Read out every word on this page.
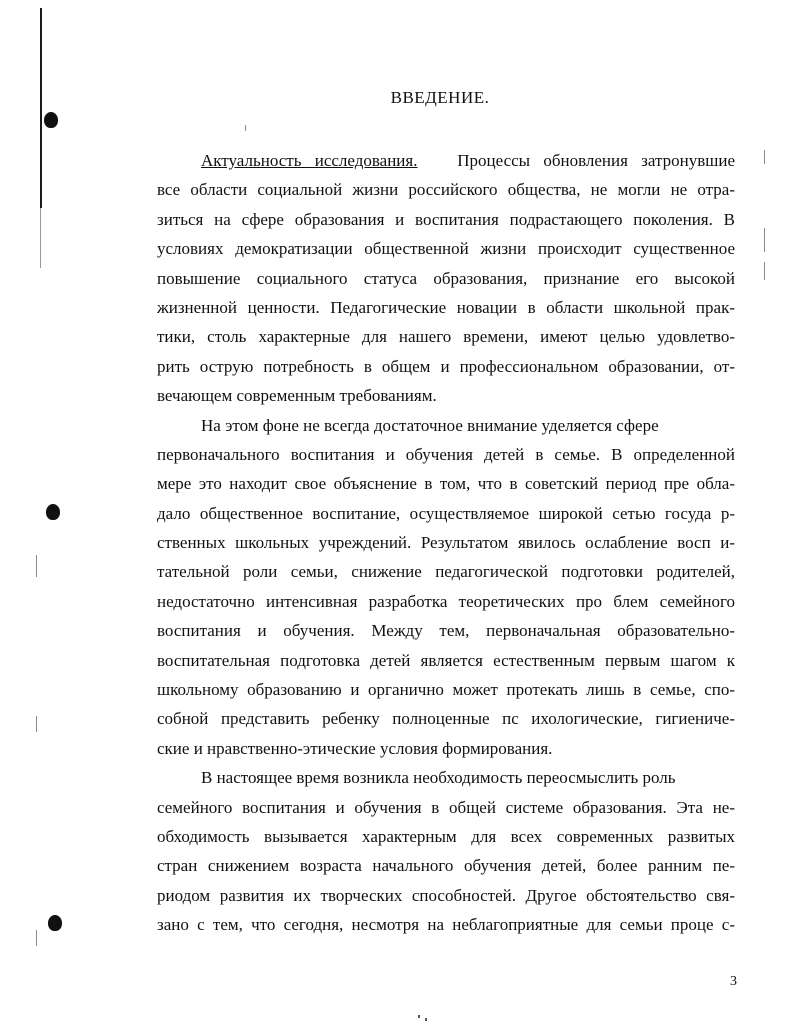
ВВЕДЕНИЕ.
Актуальность исследования. Процессы обновления затронувшие
все области социальной жизни российского общества, не могли не отра-
зиться на сфере образования и воспитания подрастающего поколения. В
условиях демократизации общественной жизни происходит существенное
повышение социального статуса образования, признание его высокой
жизненной ценности. Педагогические новации в области школьной прак-
тики, столь характерные для нашего времени, имеют целью удовлетво-
рить острую потребность в общем и профессиональном образовании, от-
вечающем современным требованиям.
На этом фоне не всегда достаточное внимание уделяется сфере
первоначального воспитания и обучения детей в семье. В определенной
мере это находит свое объяснение в том, что в советский период пре обла-
дало общественное воспитание, осуществляемое широкой сетью госуда р-
ственных школьных учреждений. Результатом явилось ослабление восп и-
тательной роли семьи, снижение педагогической подготовки родителей,
недостаточно интенсивная разработка теоретических про блем семейного
воспитания и обучения. Между тем, первоначальная образовательно-
воспитательная подготовка детей является естественным первым шагом к
школьному образованию и органично может протекать лишь в семье, спо-
собной представить ребенку полноценные пс ихологические, гигиениче-
ские и нравственно-этические условия формирования.
В настоящее время возникла необходимость переосмыслить роль
семейного воспитания и обучения в общей системе образования. Эта не-
обходимость вызывается характерным для всех современных развитых
стран снижением возраста начального обучения детей, более ранним пе-
риодом развития их творческих способностей. Другое обстоятельство свя-
зано с тем, что сегодня, несмотря на неблагоприятные для семьи проце с-
3
